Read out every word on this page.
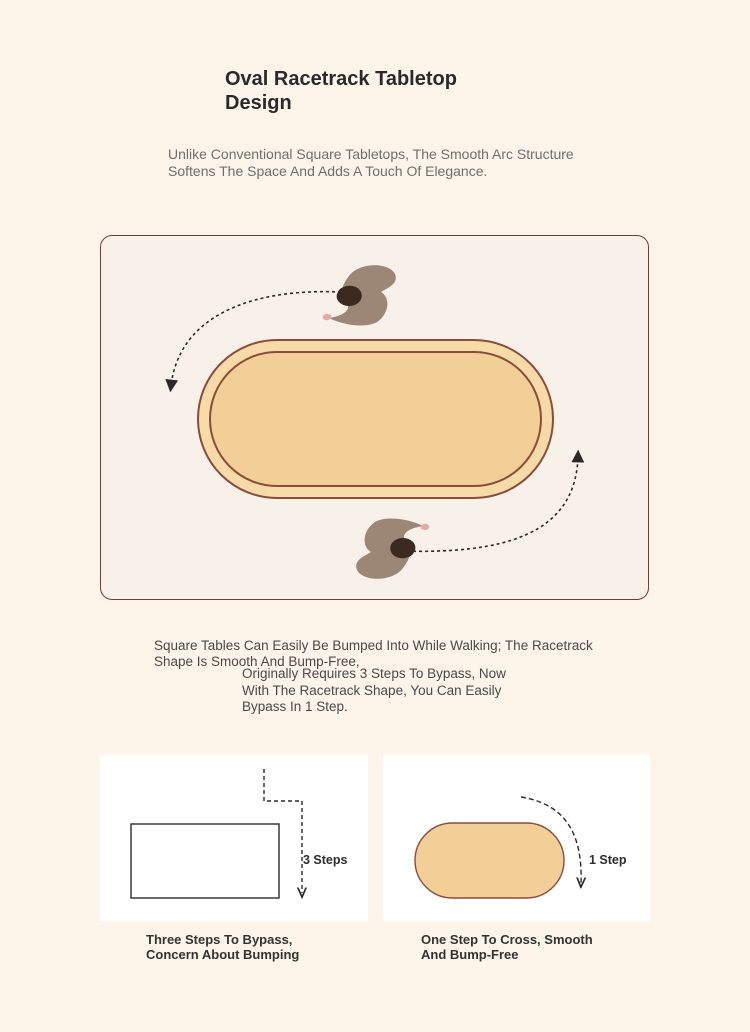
Oval Racetrack Tabletop Design
Unlike Conventional Square Tabletops, The Smooth Arc Structure Softens The Space And Adds A Touch Of Elegance.
Square Tables Can Easily Be Bumped Into While Walking; The Racetrack Shape Is Smooth And Bump-Free,
Originally Requires 3 Steps To Bypass, Now With The Racetrack Shape, You Can Easily Bypass In 1 Step.
3 Steps	1 Step
Three Steps To Bypass, Concern About Bumping
One Step To Cross, Smooth And Bump-Free
